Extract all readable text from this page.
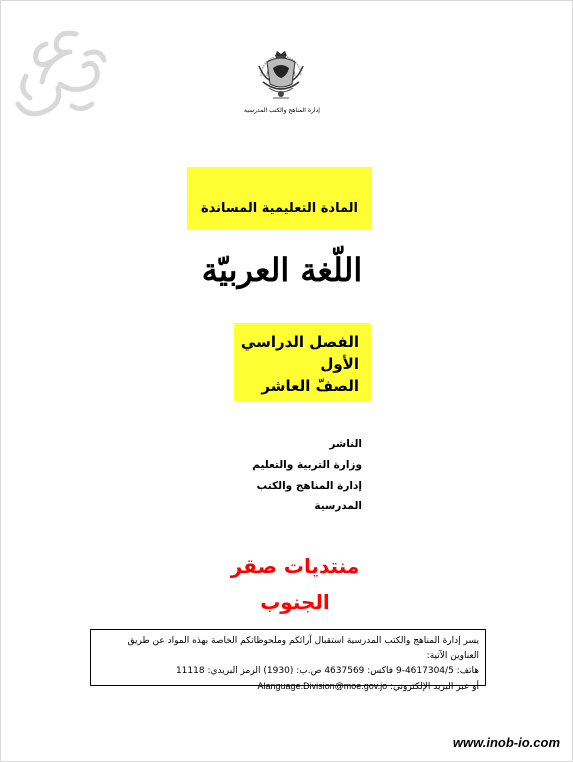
إدارة المناهج والكتب المدرسية
المادة التعليمية المساندة
اللّغة العربيّة
الفصل الدراسي الأول
الصفّ العاشر
الناشر
وزارة التربية والتعليم
إدارة المناهج والكتب المدرسية
منتديات صقر الجنوب
يسر إدارة المناهج والكتب المدرسية استقبال آرائكم وملحوظاتكم الخاصة بهذه المواد عن طريق العناوين الآتية:
هاتف: 4617304/5-9 فاكس: 4637569 ص.ب: (1930) الرمز البريدي: 11118
أو عبر البريد الإلكتروني: Alanguage.Division@moe.gov.jo
www.inob-io.com
